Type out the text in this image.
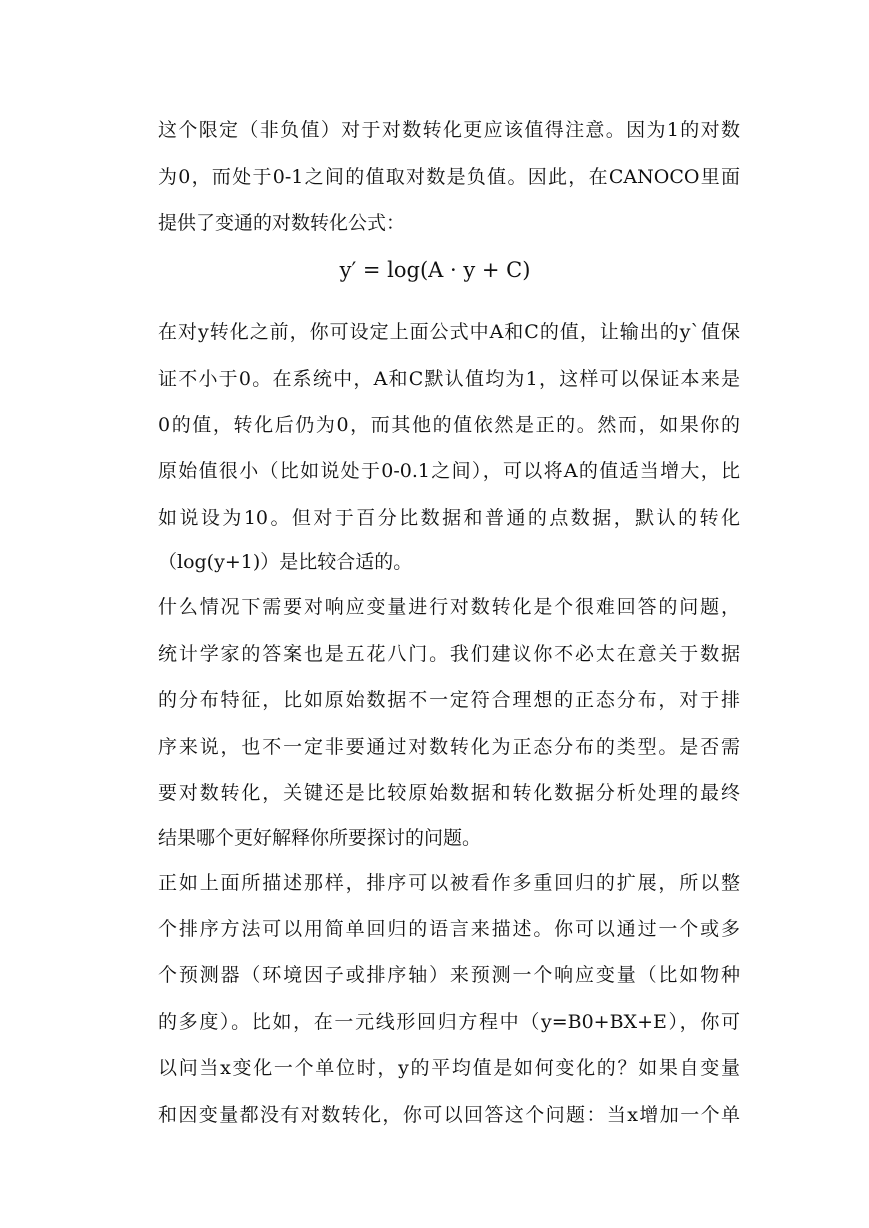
这个限定（非负值）对于对数转化更应该值得注意。因为1的对数
为0，而处于0-1之间的值取对数是负值。因此，在CANOCO里面
提供了变通的对数转化公式：
y′ = log(A · y + C)
在对y转化之前，你可设定上面公式中A和C的值，让输出的y`值保
证不小于0。在系统中，A和C默认值均为1，这样可以保证本来是
0的值，转化后仍为0，而其他的值依然是正的。然而，如果你的
原始值很小（比如说处于0-0.1之间），可以将A的值适当增大，比
如说设为10。但对于百分比数据和普通的点数据，默认的转化
（log(y+1)）是比较合适的。
什么情况下需要对响应变量进行对数转化是个很难回答的问题，
统计学家的答案也是五花八门。我们建议你不必太在意关于数据
的分布特征，比如原始数据不一定符合理想的正态分布，对于排
序来说，也不一定非要通过对数转化为正态分布的类型。是否需
要对数转化，关键还是比较原始数据和转化数据分析处理的最终
结果哪个更好解释你所要探讨的问题。
正如上面所描述那样，排序可以被看作多重回归的扩展，所以整
个排序方法可以用简单回归的语言来描述。你可以通过一个或多
个预测器（环境因子或排序轴）来预测一个响应变量（比如物种
的多度）。比如，在一元线形回归方程中（y=B0+BX+E），你可
以问当x变化一个单位时，y的平均值是如何变化的？如果自变量
和因变量都没有对数转化，你可以回答这个问题：当x增加一个单
